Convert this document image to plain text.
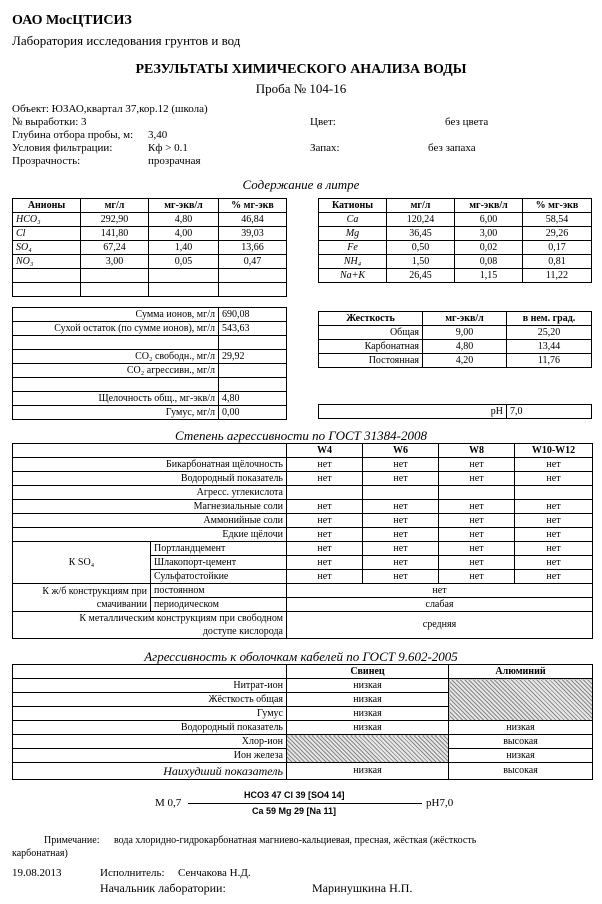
ОАО МосЦТИСИЗ
Лаборатория исследования грунтов и вод
РЕЗУЛЬТАТЫ ХИМИЧЕСКОГО АНАЛИЗА ВОДЫ
Проба № 104-16
Объект: ЮЗАО,квартал 37,кор.12 (школа)
№ выработки: 3
Глубина отбора пробы, м: 3,40
Условия фильтрации:	Кф > 0.1
Прозрачность:	прозрачная
Цвет:	без цвета
Запах:	без запаха
Содержание в литре
Анионы	мг/л	мг-экв/л	% мг-экв
HCO₃	292,90	4,80	46,84
Cl	141,80	4,00	39,03
SO₄	67,24	1,40	13,66
NO₃	3,00	0,05	0,47

Катионы	мг/л	мг-экв/л	% мг-экв
Ca	120,24	6,00	58,54
Mg	36,45	3,00	29,26
Fe	0,50	0,02	0,17
NH₄	1,50	0,08	0,81
Na+K	26,45	1,15	11,22
Сумма ионов, мг/л	690,08
Сухой остаток (по сумме ионов), мг/л	543,63

CO₂ свободн., мг/л	29,92
CO₂ агрессивн., мг/л	

Щелочность общ., мг-экв/л	4,80
Гумус, мг/л	0,00
Жесткость	мг-экв/л	в нем. град.
Общая	9,00	25,20
Карбонатная	4,80	13,44
Постоянная	4,20	11,76
pH	7,0
Степень агрессивности по ГОСТ 31384-2008
		W4	W6	W8	W10-W12
Бикарбонатная щёлочность		нет	нет	нет	нет
Водородный показатель		нет	нет	нет	нет
Агресс. углекислота					
Магнезиальные соли		нет	нет	нет	нет
Аммонийные соли		нет	нет	нет	нет
Едкие щёлочи		нет	нет	нет	нет
К SO₄	Портландцемент	нет	нет	нет	нет
	Шлакопорт-цемент	нет	нет	нет	нет
	Сульфатостойкие	нет	нет	нет	нет

К ж/б конструкциям при
смачивании	постоянном	нет			
	периодическом	слабая			

К металлическим конструкциям при свободном
доступе кислорода		средняя			
Агрессивность к оболочкам кабелей по ГОСТ 9.602-2005
	Свинец	Алюминий
Нитрат-ион	низкая	
Жёсткость общая	низкая	
Гумус	низкая	
Водородный показатель	низкая	низкая
Хлор-ион		высокая
Ион железа		низкая
Наихудший показатель	низкая	высокая
M 0,7
HCO3 47 Cl 39 [SO4 14]
Ca 59 Mg 29 [Na 11]
pH7,0
Примечание: вода хлоридно-гидрокарбонатная магниево-кальциевая, пресная, жёсткая (жёсткость
карбонатная)
19.08.2013	Исполнитель: Сенчакова Н.Д.
Начальник лаборатории:	Маринушкина Н.П.
